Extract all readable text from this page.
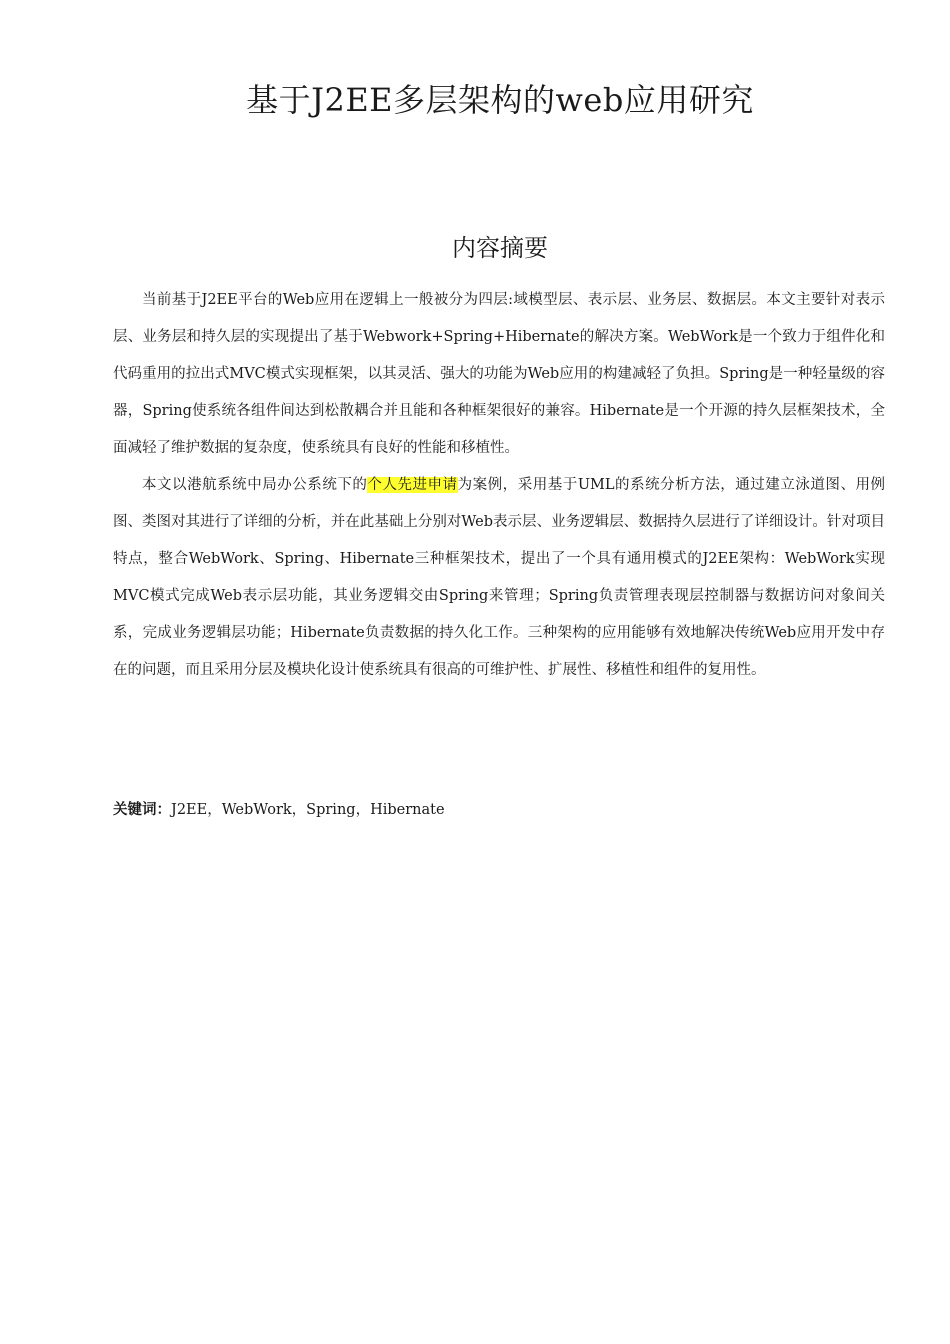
基于J2EE多层架构的web应用研究
内容摘要

当前基于J2EE平台的Web应用在逻辑上一般被分为四层:域模型层、表示层、业务层、数据层。本文主要针对表示层、业务层和持久层的实现提出了基于Webwork+Spring+Hibernate的解决方案。WebWork是一个致力于组件化和代码重用的拉出式MVC模式实现框架，以其灵活、强大的功能为Web应用的构建减轻了负担。Spring是一种轻量级的容器，Spring使系统各组件间达到松散耦合并且能和各种框架很好的兼容。Hibernate是一个开源的持久层框架技术，全面减轻了维护数据的复杂度，使系统具有良好的性能和移植性。

本文以港航系统中局办公系统下的个人先进申请为案例，采用基于UML的系统分析方法，通过建立泳道图、用例图、类图对其进行了详细的分析，并在此基础上分别对Web表示层、业务逻辑层、数据持久层进行了详细设计。针对项目特点，整合WebWork、Spring、Hibernate三种框架技术，提出了一个具有通用模式的J2EE架构：WebWork实现MVC模式完成Web表示层功能，其业务逻辑交由Spring来管理；Spring负责管理表现层控制器与数据访问对象间关系，完成业务逻辑层功能；Hibernate负责数据的持久化工作。三种架构的应用能够有效地解决传统Web应用开发中存在的问题，而且采用分层及模块化设计使系统具有很高的可维护性、扩展性、移植性和组件的复用性。

关键词：J2EE，WebWork，Spring，Hibernate
